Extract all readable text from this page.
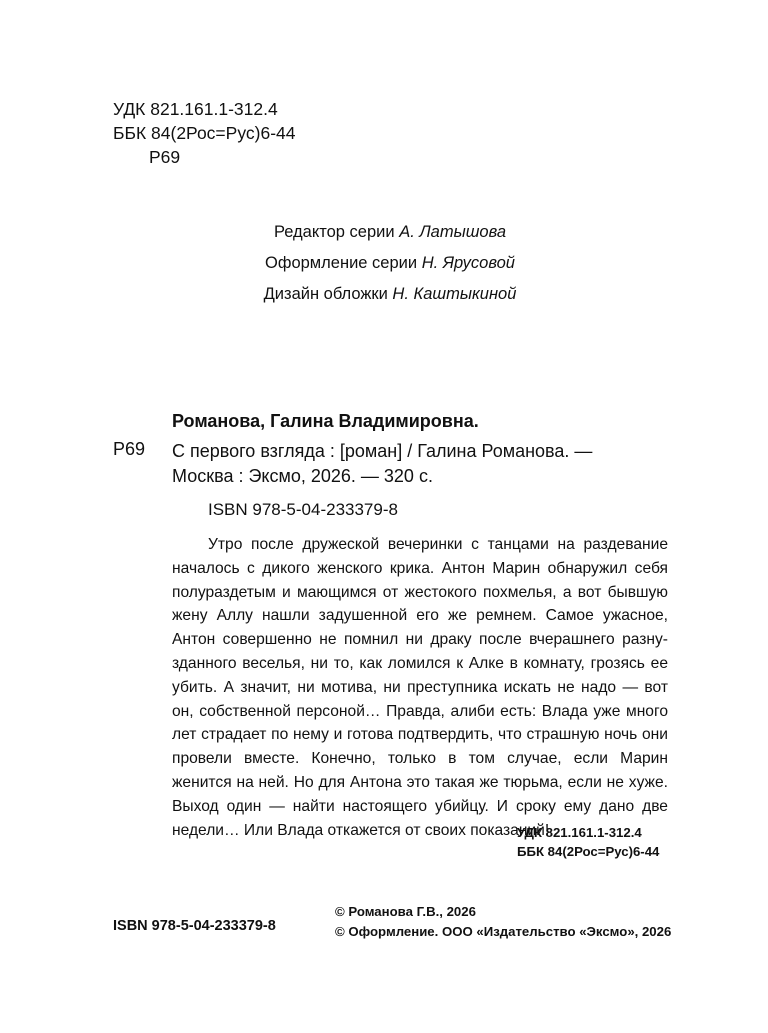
УДК 821.161.1-312.4
ББК 84(2Рос=Рус)6-44
Р69
Редактор серии А. Латышова
Оформление серии Н. Ярусовой
Дизайн обложки Н. Каштыкиной
Романова, Галина Владимировна.
Р69 С первого взгляда : [роман] / Галина Романова. —
Москва : Эксмо, 2026. — 320 с.
ISBN 978-5-04-233379-8

Утро после дружеской вечеринки с танцами на раздевание началось с дикого женского крика. Антон Марин обнаружил себя полураздетым и мающимся от жестокого похмелья, а вот бывшую жену Аллу нашли задушенной его же ремнем. Самое ужасное, Антон совершенно не помнил ни драку после вчерашнего разнузданного веселья, ни то, как ломился к Алке в комнату, грозясь ее убить. А значит, ни мотива, ни преступника искать не надо — вот он, собственной персоной… Правда, алиби есть: Влада уже много лет страдает по нему и готова подтвердить, что страшную ночь они провели вместе. Конечно, только в том случае, если Марин женится на ней. Но для Антона это такая же тюрьма, если не хуже. Выход один — найти настоящего убийцу. И сроку ему дано две недели… Или Влада откажется от своих показаний!..

УДК 821.161.1-312.4
ББК 84(2Рос=Рус)6-44
ISBN 978-5-04-233379-8
© Романова Г.В., 2026
© Оформление. ООО «Издательство «Эксмо», 2026
